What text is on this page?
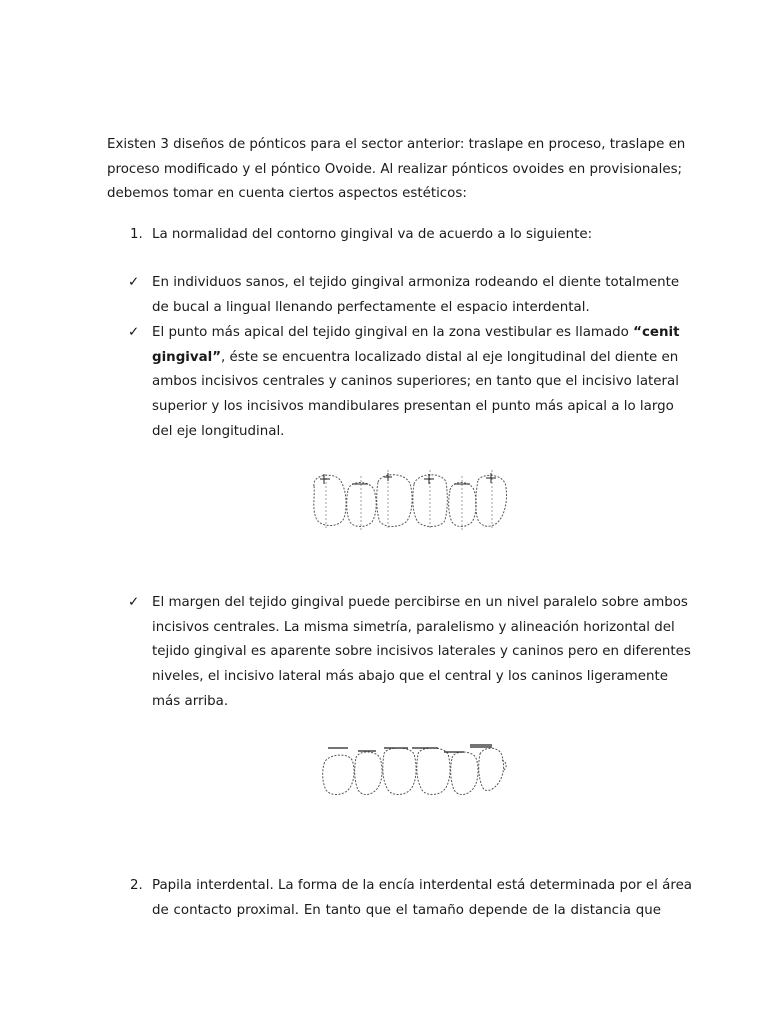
Existen 3 diseños de pónticos para el sector anterior: traslape en proceso, traslape en
proceso modificado y el póntico Ovoide. Al realizar pónticos ovoides en provisionales;
debemos tomar en cuenta ciertos aspectos estéticos:
1. La normalidad del contorno gingival va de acuerdo a lo siguiente:
✓ En individuos sanos, el tejido gingival armoniza rodeando el diente totalmente
de bucal a lingual llenando perfectamente el espacio interdental.
✓ El punto más apical del tejido gingival en la zona vestibular es llamado “cenit
gingival”, éste se encuentra localizado distal al eje longitudinal del diente en
ambos incisivos centrales y caninos superiores; en tanto que el incisivo lateral
superior y los incisivos mandibulares presentan el punto más apical a lo largo
del eje longitudinal.
✓ El margen del tejido gingival puede percibirse en un nivel paralelo sobre ambos
incisivos centrales. La misma simetría, paralelismo y alineación horizontal del
tejido gingival es aparente sobre incisivos laterales y caninos pero en diferentes
niveles, el incisivo lateral más abajo que el central y los caninos ligeramente
más arriba.
2. Papila interdental. La forma de la encía interdental está determinada por el área
de contacto proximal. En tanto que el tamaño depende de la distancia que
